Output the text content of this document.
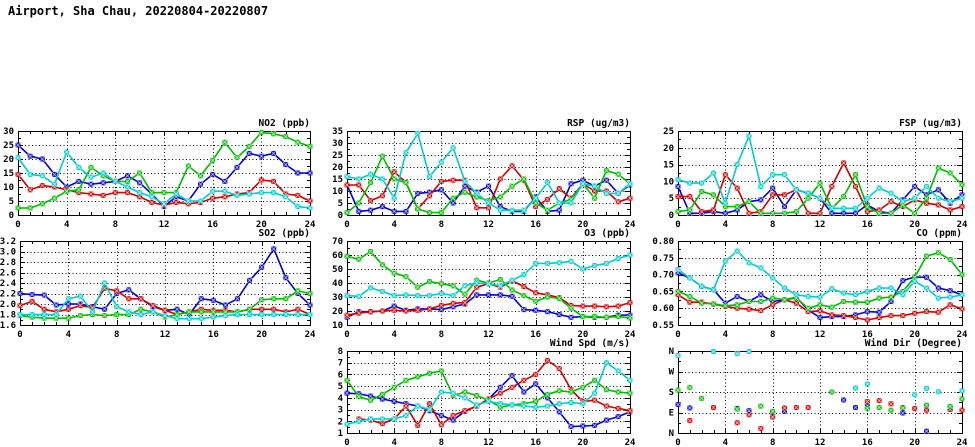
Airport, Sha Chau, 20220804-20220807
0
5
10
15
20
25
30
0	4	8	12	16	20	24
0
5
10
15
20
25
30
35
0	4	8	12	16	20	24
0
5
10
15
20
25
0	4	8	12	16	20	24
1.6
1.8
2.0
2.2
2.4
2.6
2.8
3.0
3.2
0	4	8	12	16	20	24
10
20
30
40
50
60
70
0	4	8	12	16	20	24
0.55
0.60
0.65
0.70
0.75
0.80
0	4	8	12	16	20	24
1
2
3
4
5
6
7
8
0	4	8	12	16	20	24
N
E
S
W
N
0	4	8	12	16	20	24
NO2 (ppb)	RSP (ug/m3)	FSP (ug/m3)
SO2 (ppb)	O3 (ppb)	CO (ppm)
Wind Spd (m/s)	Wind Dir (Degree)
